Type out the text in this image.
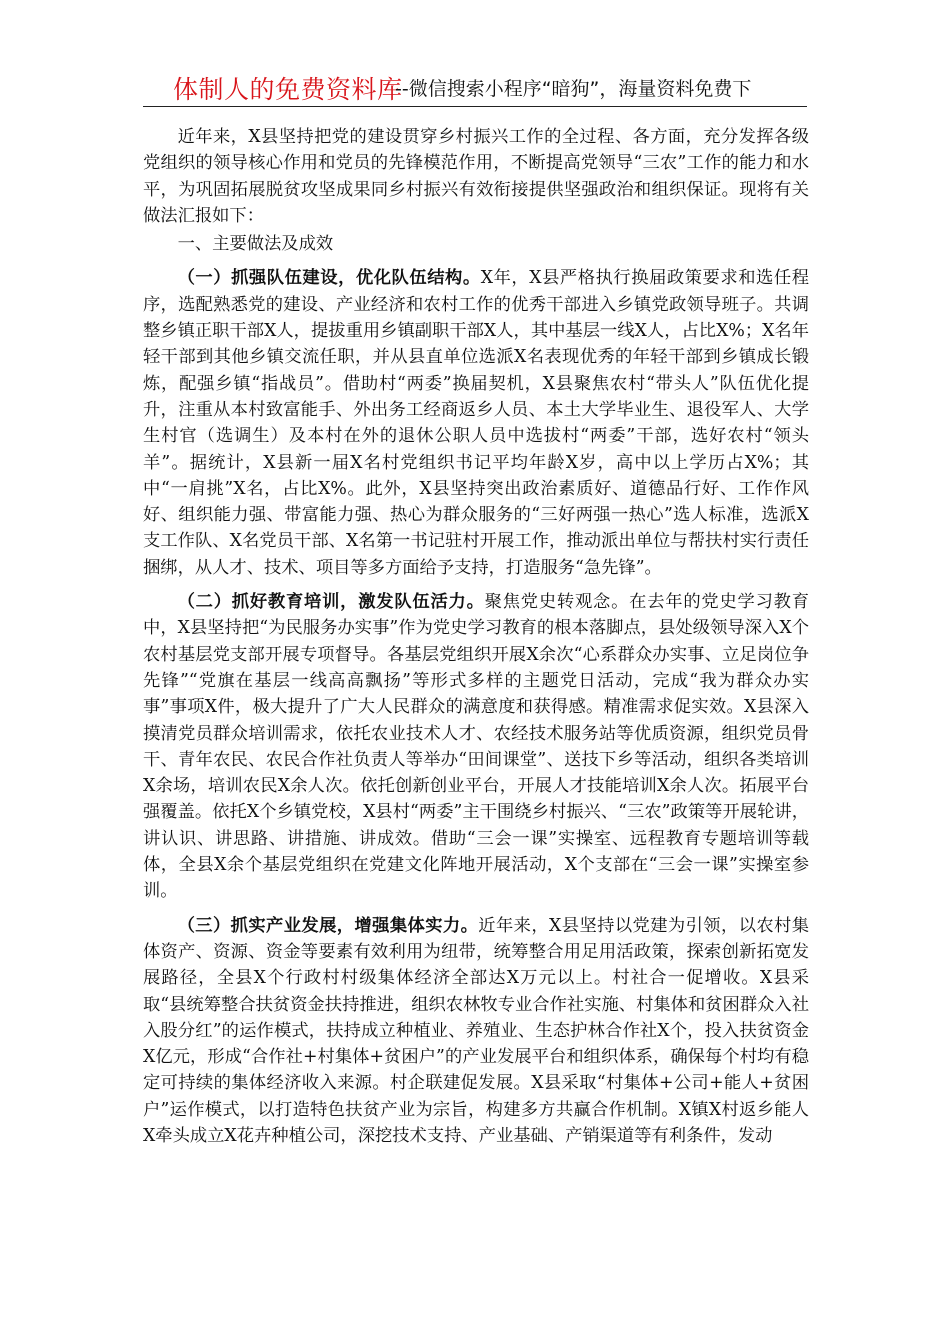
体制人的免费资料库
--微信搜索小程序“暗狗”，海量资料免费下

近年来，X县坚持把党的建设贯穿乡村振兴工作的全过程、各方面，充分发挥各级党组织的领导核心作用和党员的先锋模范作用，不断提高党领导“三农”工作的能力和水平，为巩固拓展脱贫攻坚成果同乡村振兴有效衔接提供坚强政治和组织保证。现将有关做法汇报如下：

一、主要做法及成效

（一）抓强队伍建设，优化队伍结构。X年，X县严格执行换届政策要求和选任程序，选配熟悉党的建设、产业经济和农村工作的优秀干部进入乡镇党政领导班子。共调整乡镇正职干部X人，提拔重用乡镇副职干部X人，其中基层一线X人，占比X%；X名年轻干部到其他乡镇交流任职，并从县直单位选派X名表现优秀的年轻干部到乡镇成长锻炼，配强乡镇“指战员”。借助村“两委”换届契机，X县聚焦农村“带头人”队伍优化提升，注重从本村致富能手、外出务工经商返乡人员、本土大学毕业生、退役军人、大学生村官（选调生）及本村在外的退休公职人员中选拔村“两委”干部，选好农村“领头羊”。据统计，X县新一届X名村党组织书记平均年龄X岁，高中以上学历占X%；其中“一肩挑”X名，占比X%。此外，X县坚持突出政治素质好、道德品行好、工作作风好、组织能力强、带富能力强、热心为群众服务的“三好两强一热心”选人标准，选派X支工作队、X名党员干部、X名第一书记驻村开展工作，推动派出单位与帮扶村实行责任捆绑，从人才、技术、项目等多方面给予支持，打造服务“急先锋”。

（二）抓好教育培训，激发队伍活力。聚焦党史转观念。在去年的党史学习教育中，X县坚持把“为民服务办实事”作为党史学习教育的根本落脚点，县处级领导深入X个农村基层党支部开展专项督导。各基层党组织开展X余次“心系群众办实事、立足岗位争先锋”“党旗在基层一线高高飘扬”等形式多样的主题党日活动，完成“我为群众办实事”事项X件，极大提升了广大人民群众的满意度和获得感。精准需求促实效。X县深入摸清党员群众培训需求，依托农业技术人才、农经技术服务站等优质资源，组织党员骨干、青年农民、农民合作社负责人等举办“田间课堂”、送技下乡等活动，组织各类培训X余场，培训农民X余人次。依托创新创业平台，开展人才技能培训X余人次。拓展平台强覆盖。依托X个乡镇党校，X县村“两委”主干围绕乡村振兴、“三农”政策等开展轮讲，讲认识、讲思路、讲措施、讲成效。借助“三会一课”实操室、远程教育专题培训等载体，全县X余个基层党组织在党建文化阵地开展活动，X个支部在“三会一课”实操室参训。

（三）抓实产业发展，增强集体实力。近年来，X县坚持以党建为引领，以农村集体资产、资源、资金等要素有效利用为纽带，统筹整合用足用活政策，探索创新拓宽发展路径，全县X个行政村村级集体经济全部达X万元以上。村社合一促增收。X县采取“县统筹整合扶贫资金扶持推进，组织农林牧专业合作社实施、村集体和贫困群众入社入股分红”的运作模式，扶持成立种植业、养殖业、生态护林合作社X个，投入扶贫资金X亿元，形成“合作社+村集体+贫困户”的产业发展平台和组织体系，确保每个村均有稳定可持续的集体经济收入来源。村企联建促发展。X县采取“村集体+公司+能人+贫困户”运作模式，以打造特色扶贫产业为宗旨，构建多方共赢合作机制。X镇X村返乡能人X牵头成立X花卉种植公司，深挖技术支持、产业基础、产销渠道等有利条件，发动
